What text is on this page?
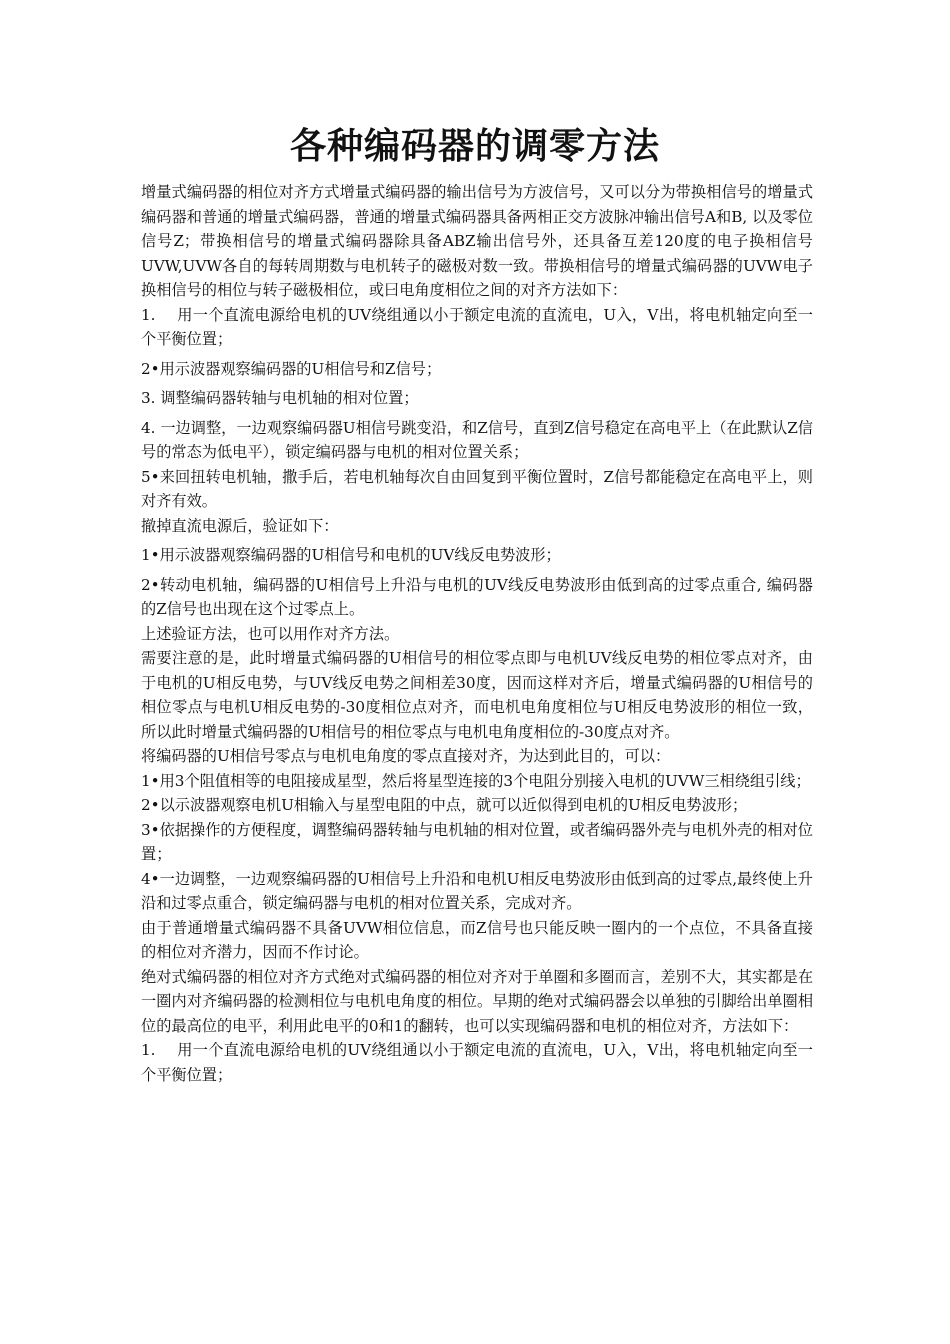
各种编码器的调零方法

增量式编码器的相位对齐方式增量式编码器的输出信号为方波信号，又可以分为带换相信号的增量式编码器和普通的增量式编码器，普通的增量式编码器具备两相正交方波脉冲输出信号A和B, 以及零位信号Z；带换相信号的增量式编码器除具备ABZ输出信号外，还具备互差120度的电子换相信号UVW,UVW各自的每转周期数与电机转子的磁极对数一致。带换相信号的增量式编码器的UVW电子换相信号的相位与转子磁极相位，或曰电角度相位之间的对齐方法如下：

1. 用一个直流电源给电机的UV绕组通以小于额定电流的直流电，U入，V出，将电机轴定向至一个平衡位置；

2•用示波器观察编码器的U相信号和Z信号；

3. 调整编码器转轴与电机轴的相对位置；

4. 一边调整，一边观察编码器U相信号跳变沿，和Z信号，直到Z信号稳定在高电平上（在此默认Z信号的常态为低电平），锁定编码器与电机的相对位置关系；

5•来回扭转电机轴，撒手后，若电机轴每次自由回复到平衡位置时，Z信号都能稳定在高电平上，则对齐有效。

撤掉直流电源后，验证如下：

1•用示波器观察编码器的U相信号和电机的UV线反电势波形；

2•转动电机轴，编码器的U相信号上升沿与电机的UV线反电势波形由低到高的过零点重合, 编码器的Z信号也出现在这个过零点上。

上述验证方法，也可以用作对齐方法。

需要注意的是，此时增量式编码器的U相信号的相位零点即与电机UV线反电势的相位零点对齐，由于电机的U相反电势，与UV线反电势之间相差30度，因而这样对齐后，增量式编码器的U相信号的相位零点与电机U相反电势的-30度相位点对齐，而电机电角度相位与U相反电势波形的相位一致，所以此时增量式编码器的U相信号的相位零点与电机电角度相位的-30度点对齐。

将编码器的U相信号零点与电机电角度的零点直接对齐，为达到此目的，可以：

1•用3个阻值相等的电阻接成星型，然后将星型连接的3个电阻分别接入电机的UVW三相绕组引线；

2•以示波器观察电机U相输入与星型电阻的中点，就可以近似得到电机的U相反电势波形；

3•依据操作的方便程度，调整编码器转轴与电机轴的相对位置，或者编码器外壳与电机外壳的相对位置；

4•一边调整，一边观察编码器的U相信号上升沿和电机U相反电势波形由低到高的过零点,最终使上升沿和过零点重合，锁定编码器与电机的相对位置关系，完成对齐。

由于普通增量式编码器不具备UVW相位信息，而Z信号也只能反映一圈内的一个点位，不具备直接的相位对齐潜力，因而不作讨论。

绝对式编码器的相位对齐方式绝对式编码器的相位对齐对于单圈和多圈而言，差别不大，其实都是在一圈内对齐编码器的检测相位与电机电角度的相位。早期的绝对式编码器会以单独的引脚给出单圈相位的最高位的电平，利用此电平的0和1的翻转，也可以实现编码器和电机的相位对齐，方法如下：

1. 用一个直流电源给电机的UV绕组通以小于额定电流的直流电，U入，V出，将电机轴定向至一个平衡位置；
